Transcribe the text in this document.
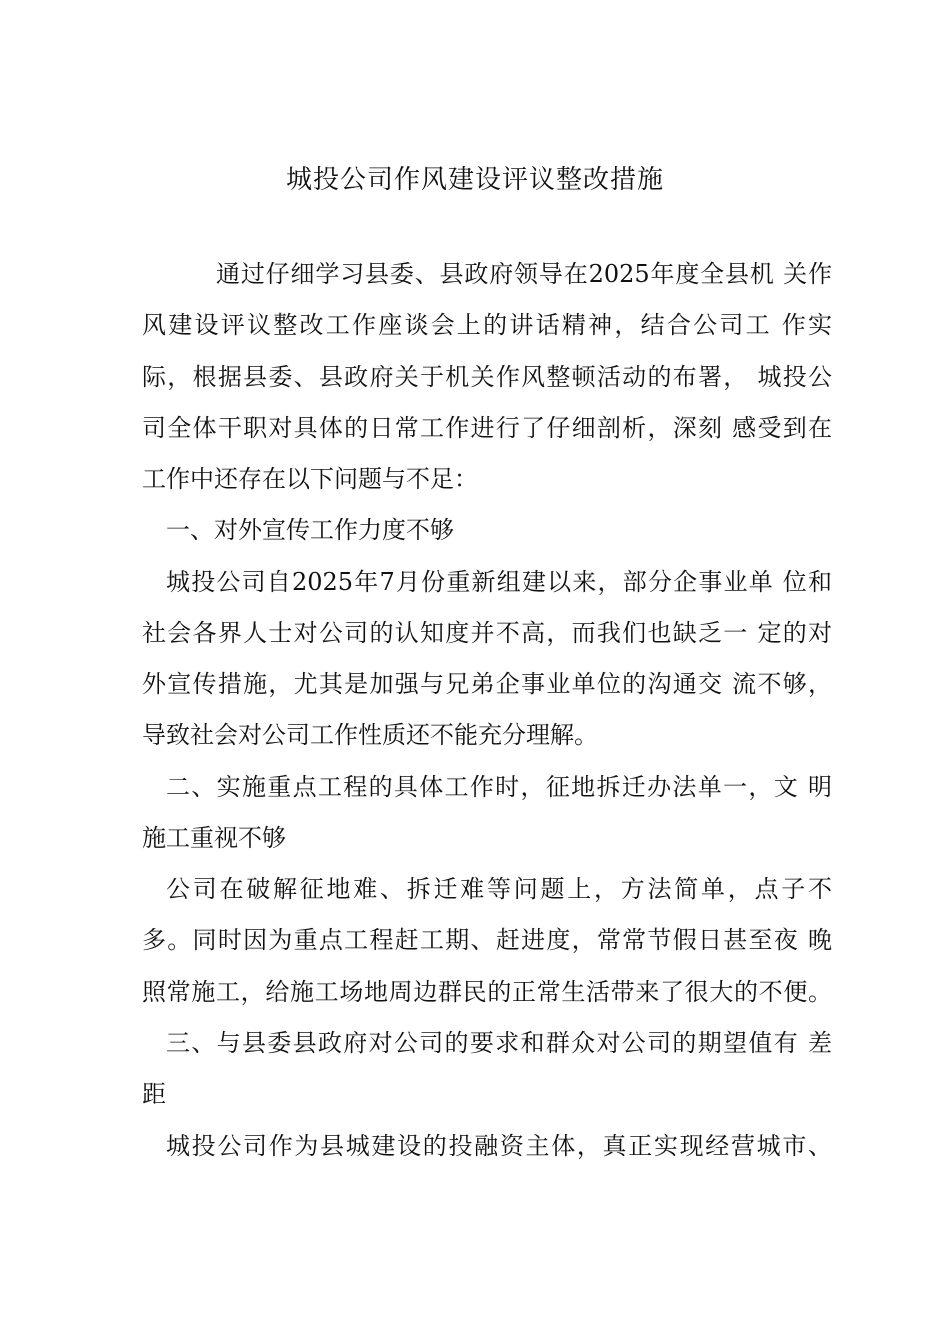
城投公司作风建设评议整改措施
通过仔细学习县委、县政府领导在2025年度全县机 关作
风建设评议整改工作座谈会上的讲话精神，结合公司工 作实
际，根据县委、县政府关于机关作风整顿活动的布署， 城投公
司全体干职对具体的日常工作进行了仔细剖析，深刻 感受到在
工作中还存在以下问题与不足：
一、对外宣传工作力度不够
城投公司自2025年7月份重新组建以来，部分企事业单 位和
社会各界人士对公司的认知度并不高，而我们也缺乏一 定的对
外宣传措施，尤其是加强与兄弟企事业单位的沟通交 流不够，
导致社会对公司工作性质还不能充分理解。
二、实施重点工程的具体工作时，征地拆迁办法单一，文 明
施工重视不够
公司在破解征地难、拆迁难等问题上，方法简单，点子不
多。同时因为重点工程赶工期、赶进度，常常节假日甚至夜 晚
照常施工，给施工场地周边群民的正常生活带来了很大的不便。
三、与县委县政府对公司的要求和群众对公司的期望值有 差
距
城投公司作为县城建设的投融资主体，真正实现经营城市、
